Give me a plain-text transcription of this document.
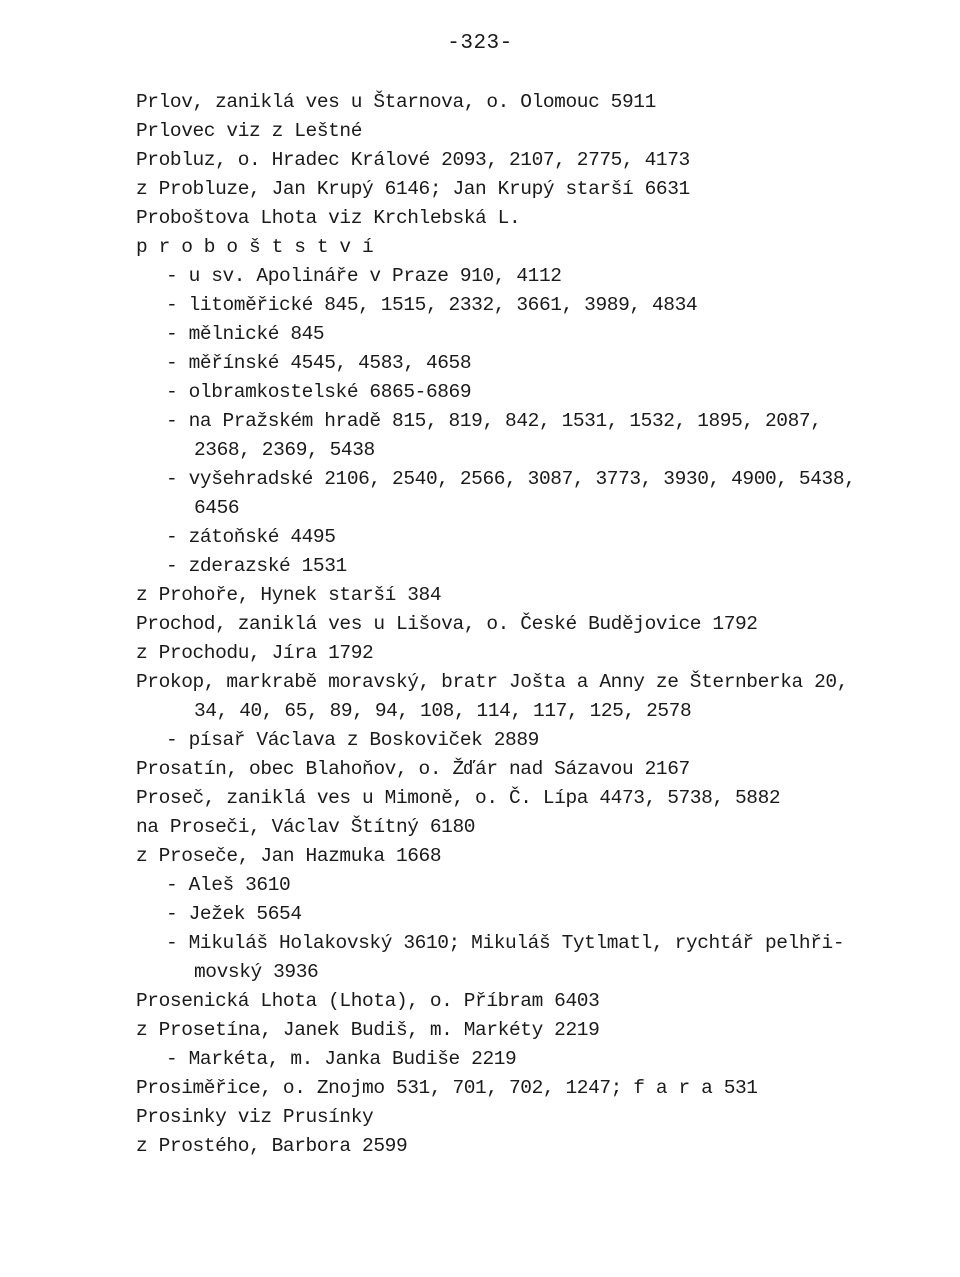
-323-
Prlov, zaniklá ves u Štarnova, o. Olomouc 5911
Prlovec viz z Leštné
Probluz, o. Hradec Králové 2093, 2107, 2775, 4173
z Probluze, Jan Krupý 6146; Jan Krupý starší 6631
Proboštova Lhota viz Krchlebská L.
p r o b o š t s t v í
- u sv. Apolináře v Praze 910, 4112
- litoměřické 845, 1515, 2332, 3661, 3989, 4834
- mělnické 845
- měřínské 4545, 4583, 4658
- olbramkostelské 6865-6869
- na Pražském hradě 815, 819, 842, 1531, 1532, 1895, 2087,
2368, 2369, 5438
- vyšehradské 2106, 2540, 2566, 3087, 3773, 3930, 4900, 5438,
6456
- zátoňské 4495
- zderazské 1531
z Prohoře, Hynek starší 384
Prochod, zaniklá ves u Lišova, o. České Budějovice 1792
z Prochodu, Jíra 1792
Prokop, markrabě moravský, bratr Jošta a Anny ze Šternberka 20,
34, 40, 65, 89, 94, 108, 114, 117, 125, 2578
- písař Václava z Boskoviček 2889
Prosatín, obec Blahoňov, o. Žďár nad Sázavou 2167
Proseč, zaniklá ves u Mimoně, o. Č. Lípa 4473, 5738, 5882
na Proseči, Václav Štítný 6180
z Proseče, Jan Hazmuka 1668
- Aleš 3610
- Ježek 5654
- Mikuláš Holakovský 3610; Mikuláš Tytlmatl, rychtář pelhři-
movský 3936
Prosenická Lhota (Lhota), o. Příbram 6403
z Prosetína, Janek Budiš, m. Markéty 2219
- Markéta, m. Janka Budiše 2219
Prosiměřice, o. Znojmo 531, 701, 702, 1247; f a r a 531
Prosinky viz Prusínky
z Prostého, Barbora 2599
